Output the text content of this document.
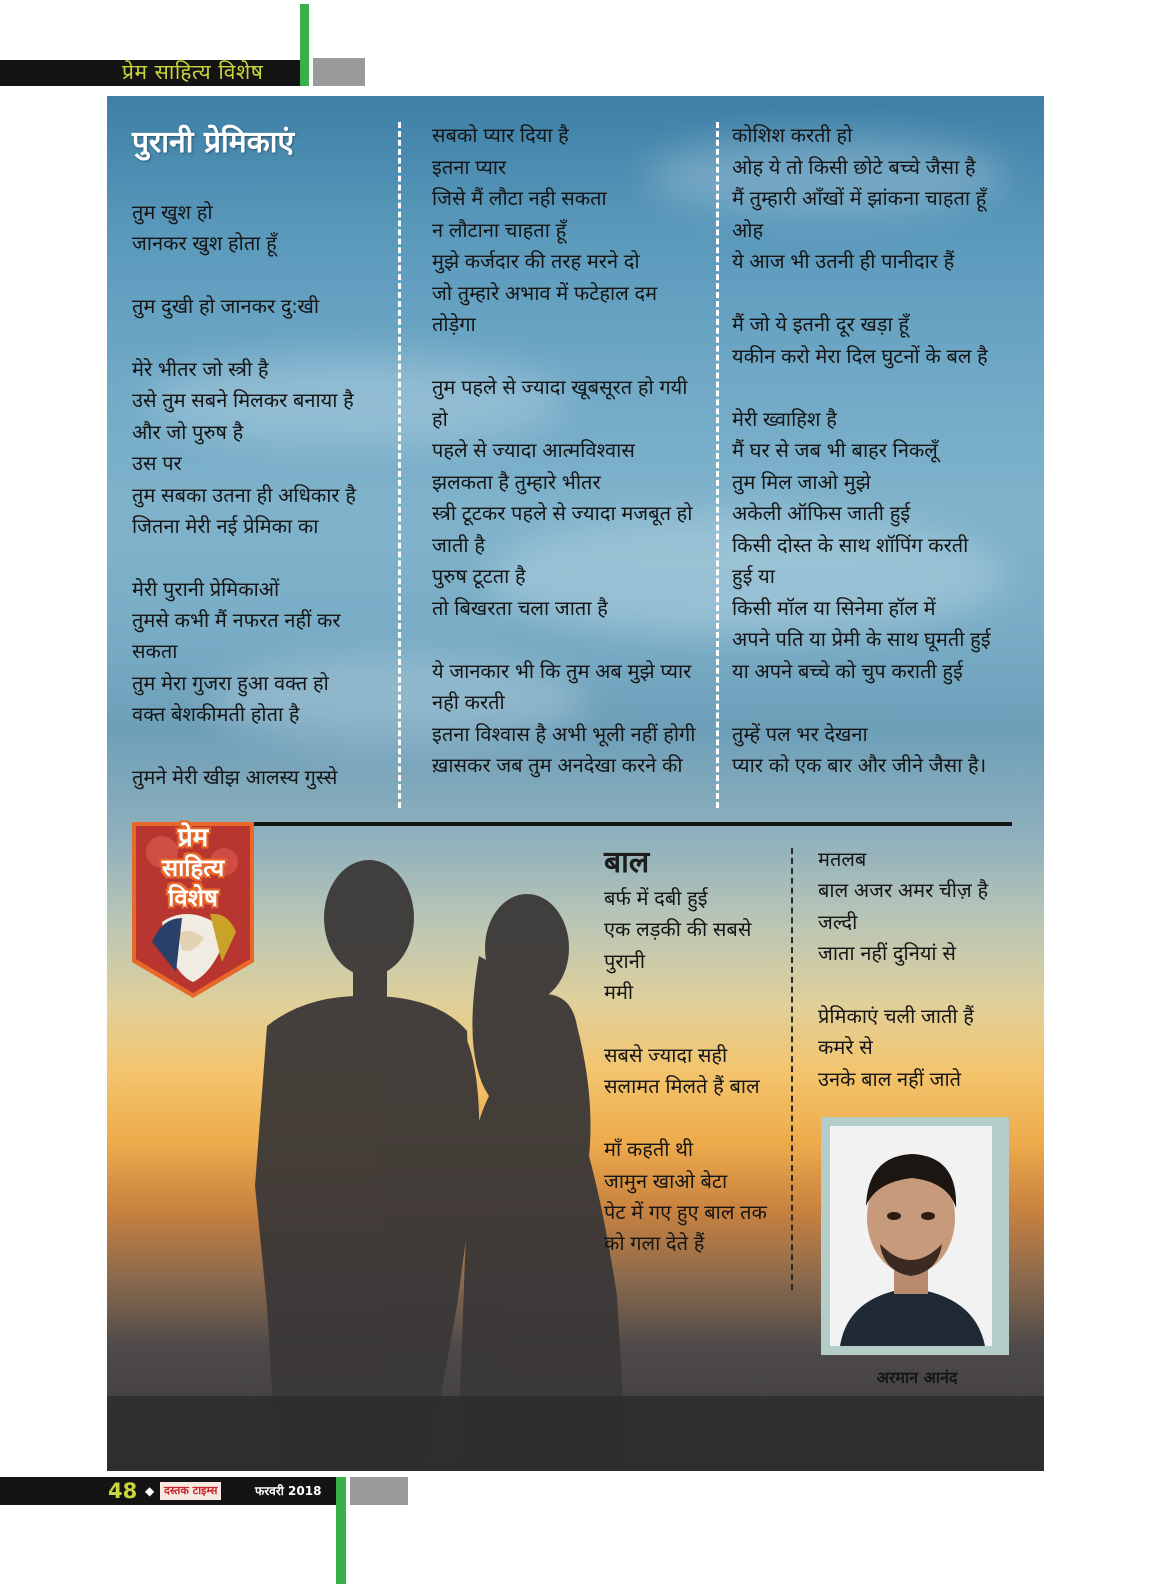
प्रेम साहित्य विशेष
पुरानी प्रेमिकाएं
तुम खुश हो
जानकर खुश होता हूँ
तुम दुखी हो जानकर दु:खी
मेरे भीतर जो स्त्री है
उसे तुम सबने मिलकर बनाया है
और जो पुरुष है
उस पर
तुम सबका उतना ही अधिकार है
जितना मेरी नई प्रेमिका का
मेरी पुरानी प्रेमिकाओं
तुमसे कभी मैं नफरत नहीं कर
सकता
तुम मेरा गुजरा हुआ वक्त हो
वक्त बेशकीमती होता है
तुमने मेरी खीझ आलस्य गुस्से
सबको प्यार दिया है
इतना प्यार
जिसे मैं लौटा नही सकता
न लौटाना चाहता हूँ
मुझे कर्जदार की तरह मरने दो
जो तुम्हारे अभाव में फटेहाल दम
तोड़ेगा
तुम पहले से ज्यादा खूबसूरत हो गयी
हो
पहले से ज्यादा आत्मविश्वास
झलकता है तुम्हारे भीतर
स्त्री टूटकर पहले से ज्यादा मजबूत हो
जाती है
पुरुष टूटता है
तो बिखरता चला जाता है
ये जानकार भी कि तुम अब मुझे प्यार
नही करती
इतना विश्वास है अभी भूली नहीं होगी
ख़ासकर जब तुम अनदेखा करने की
कोशिश करती हो
ओह ये तो किसी छोटे बच्चे जैसा है
मैं तुम्हारी आँखों में झांकना चाहता हूँ
ओह
ये आज भी उतनी ही पानीदार हैं
मैं जो ये इतनी दूर खड़ा हूँ
यकीन करो मेरा दिल घुटनों के बल है
मेरी ख्वाहिश है
मैं घर से जब भी बाहर निकलूँ
तुम मिल जाओ मुझे
अकेली ऑफिस जाती हुई
किसी दोस्त के साथ शॉपिंग करती
हुई या
किसी मॉल या सिनेमा हॉल में
अपने पति या प्रेमी के साथ घूमती हुई
या अपने बच्चे को चुप कराती हुई
तुम्हें पल भर देखना
प्यार को एक बार और जीने जैसा है।
प्रेम
साहित्य
विशेष
बाल
बर्फ में दबी हुई
एक लड़की की सबसे
पुरानी
ममी
सबसे ज्यादा सही
सलामत मिलते हैं बाल
माँ कहती थी
जामुन खाओ बेटा
पेट में गए हुए बाल तक
को गला देते हैं
मतलब
बाल अजर अमर चीज़ है
जल्दी
जाता नहीं दुनियां से
प्रेमिकाएं चली जाती हैं
कमरे से
उनके बाल नहीं जाते
अरमान आनंद
48 ◆ दस्तक टाइम्स	फरवरी 2018
